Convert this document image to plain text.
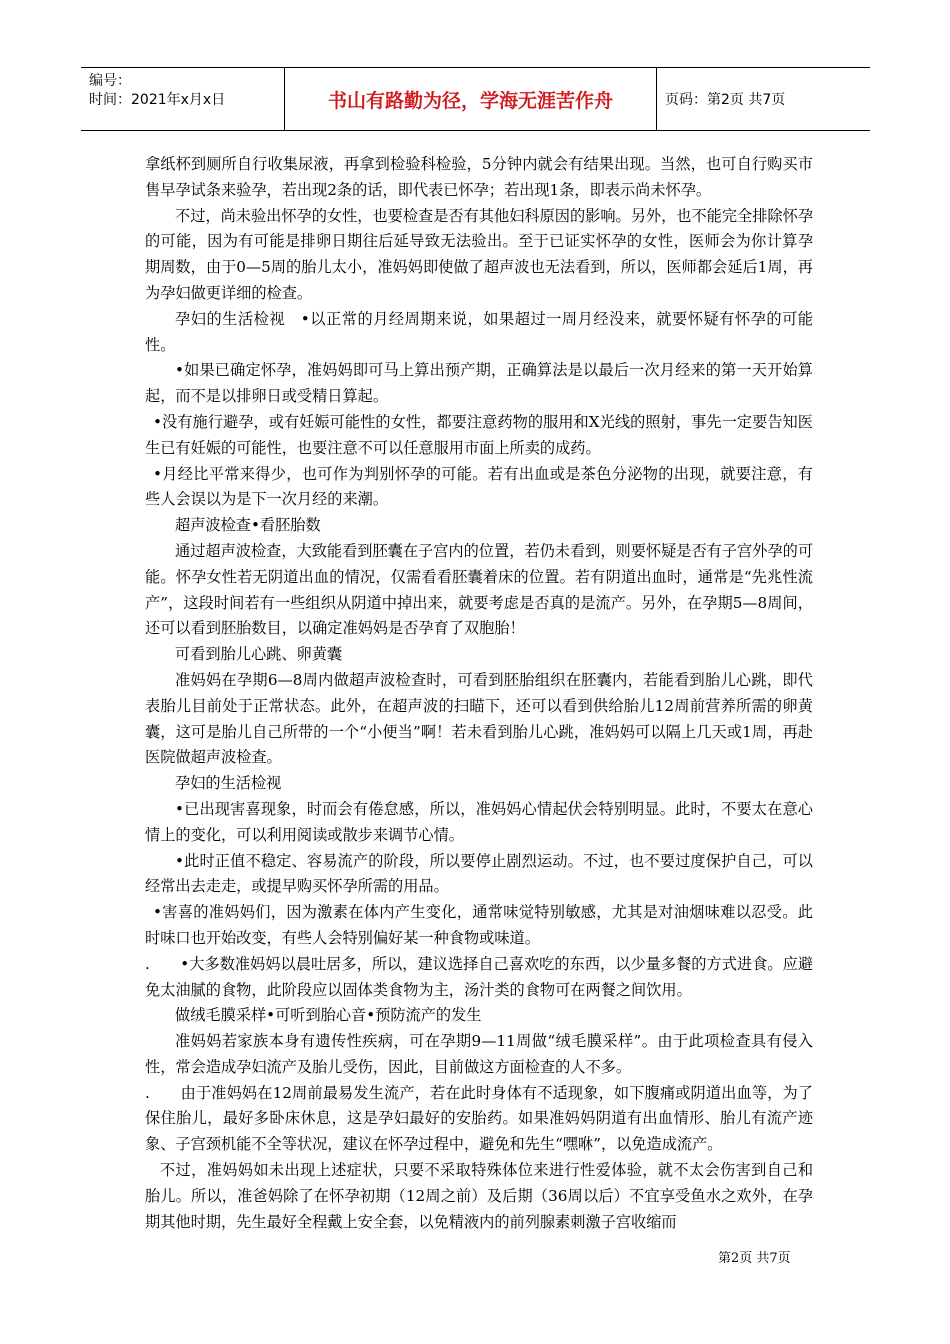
编号：
时间：2021年x月x日	书山有路勤为径，学海无涯苦作舟	页码：第2页 共7页

拿纸杯到厕所自行收集尿液，再拿到检验科检验，5分钟内就会有结果出现。当然，也可自行购买市售早孕试条来验孕，若出现2条的话，即代表已怀孕；若出现1条，即表示尚未怀孕。

不过，尚未验出怀孕的女性，也要检查是否有其他妇科原因的影响。另外，也不能完全排除怀孕的可能，因为有可能是排卵日期往后延导致无法验出。至于已证实怀孕的女性，医师会为你计算孕期周数，由于0—5周的胎儿太小，准妈妈即使做了超声波也无法看到，所以，医师都会延后1周，再为孕妇做更详细的检查。

孕妇的生活检视　•以正常的月经周期来说，如果超过一周月经没来，就要怀疑有怀孕的可能性。

•如果已确定怀孕，准妈妈即可马上算出预产期，正确算法是以最后一次月经来的第一天开始算起，而不是以排卵日或受精日算起。

•没有施行避孕，或有妊娠可能性的女性，都要注意药物的服用和X光线的照射，事先一定要告知医生已有妊娠的可能性，也要注意不可以任意服用市面上所卖的成药。

•月经比平常来得少，也可作为判别怀孕的可能。若有出血或是茶色分泌物的出现，就要注意，有些人会误以为是下一次月经的来潮。

超声波检查•看胚胎数

通过超声波检查，大致能看到胚囊在子宫内的位置，若仍未看到，则要怀疑是否有子宫外孕的可能。怀孕女性若无阴道出血的情况，仅需看看胚囊着床的位置。若有阴道出血时，通常是“先兆性流产”，这段时间若有一些组织从阴道中掉出来，就要考虑是否真的是流产。另外，在孕期5—8周间，还可以看到胚胎数目，以确定准妈妈是否孕育了双胞胎！

可看到胎儿心跳、卵黄囊

准妈妈在孕期6—8周内做超声波检查时，可看到胚胎组织在胚囊内，若能看到胎儿心跳，即代表胎儿目前处于正常状态。此外，在超声波的扫瞄下，还可以看到供给胎儿12周前营养所需的卵黄囊，这可是胎儿自己所带的一个“小便当”啊！若未看到胎儿心跳，准妈妈可以隔上几天或1周，再赴医院做超声波检查。

孕妇的生活检视

•已出现害喜现象，时而会有倦怠感，所以，准妈妈心情起伏会特别明显。此时，不要太在意心情上的变化，可以利用阅读或散步来调节心情。

•此时正值不稳定、容易流产的阶段，所以要停止剧烈运动。不过，也不要过度保护自己，可以经常出去走走，或提早购买怀孕所需的用品。

•害喜的准妈妈们，因为激素在体内产生变化，通常味觉特别敏感，尤其是对油烟味难以忍受。此时味口也开始改变，有些人会特别偏好某一种食物或味道。

.　　•大多数准妈妈以晨吐居多，所以，建议选择自己喜欢吃的东西，以少量多餐的方式进食。应避免太油腻的食物，此阶段应以固体类食物为主，汤汁类的食物可在两餐之间饮用。

做绒毛膜采样•可听到胎心音•预防流产的发生

准妈妈若家族本身有遗传性疾病，可在孕期9—11周做“绒毛膜采样”。由于此项检查具有侵入性，常会造成孕妇流产及胎儿受伤，因此，目前做这方面检查的人不多。

.　　由于准妈妈在12周前最易发生流产，若在此时身体有不适现象，如下腹痛或阴道出血等，为了保住胎儿，最好多卧床休息，这是孕妇最好的安胎药。如果准妈妈阴道有出血情形、胎儿有流产迹象、子宫颈机能不全等状况，建议在怀孕过程中，避免和先生“嘿咻”，以免造成流产。

不过，准妈妈如未出现上述症状，只要不采取特殊体位来进行性爱体验，就不太会伤害到自己和胎儿。所以，准爸妈除了在怀孕初期（12周之前）及后期（36周以后）不宜享受鱼水之欢外，在孕期其他时期，先生最好全程戴上安全套，以免精液内的前列腺素刺激子宫收缩而

第2页 共7页
